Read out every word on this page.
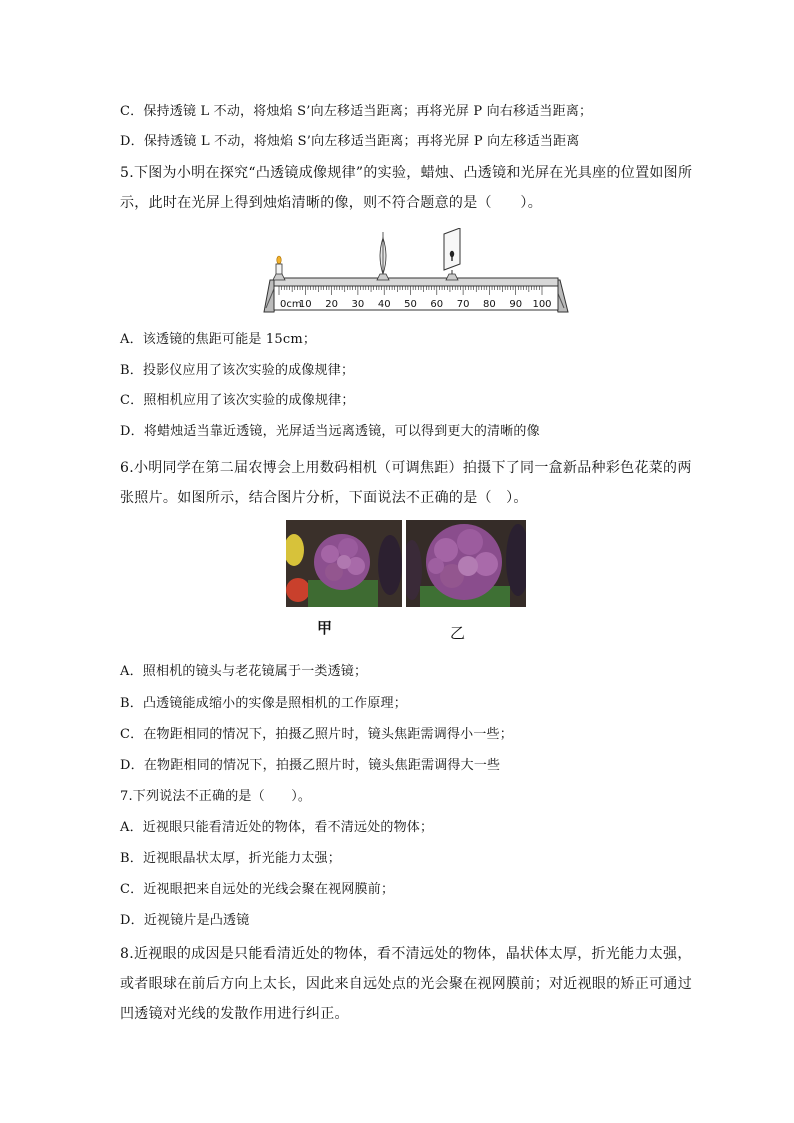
C．保持透镜 L 不动，将烛焰 S’向左移适当距离；再将光屏 P 向右移适当距离；
D．保持透镜 L 不动，将烛焰 S’向左移适当距离；再将光屏 P 向左移适当距离
5.下图为小明在探究“凸透镜成像规律”的实验，蜡烛、凸透镜和光屏在光具座的位置如图所示，此时在光屏上得到烛焰清晰的像，则不符合题意的是（　　）。
0cm
10 20 30 40 50 60 70 80 90 100
A．该透镜的焦距可能是 15cm；
B．投影仪应用了该次实验的成像规律；
C．照相机应用了该次实验的成像规律；
D．将蜡烛适当靠近透镜，光屏适当远离透镜，可以得到更大的清晰的像
6.小明同学在第二届农博会上用数码相机（可调焦距）拍摄下了同一盒新品种彩色花菜的两张照片。如图所示，结合图片分析，下面说法不正确的是（　）。
甲	乙
A．照相机的镜头与老花镜属于一类透镜；
B．凸透镜能成缩小的实像是照相机的工作原理；
C．在物距相同的情况下，拍摄乙照片时，镜头焦距需调得小一些；
D．在物距相同的情况下，拍摄乙照片时，镜头焦距需调得大一些
7.下列说法不正确的是（　　）。
A．近视眼只能看清近处的物体，看不清远处的物体；
B．近视眼晶状太厚，折光能力太强；
C．近视眼把来自远处的光线会聚在视网膜前；
D．近视镜片是凸透镜
8.近视眼的成因是只能看清近处的物体，看不清远处的物体，晶状体太厚，折光能力太强，或者眼球在前后方向上太长，因此来自远处点的光会聚在视网膜前；对近视眼的矫正可通过凹透镜对光线的发散作用进行纠正。
